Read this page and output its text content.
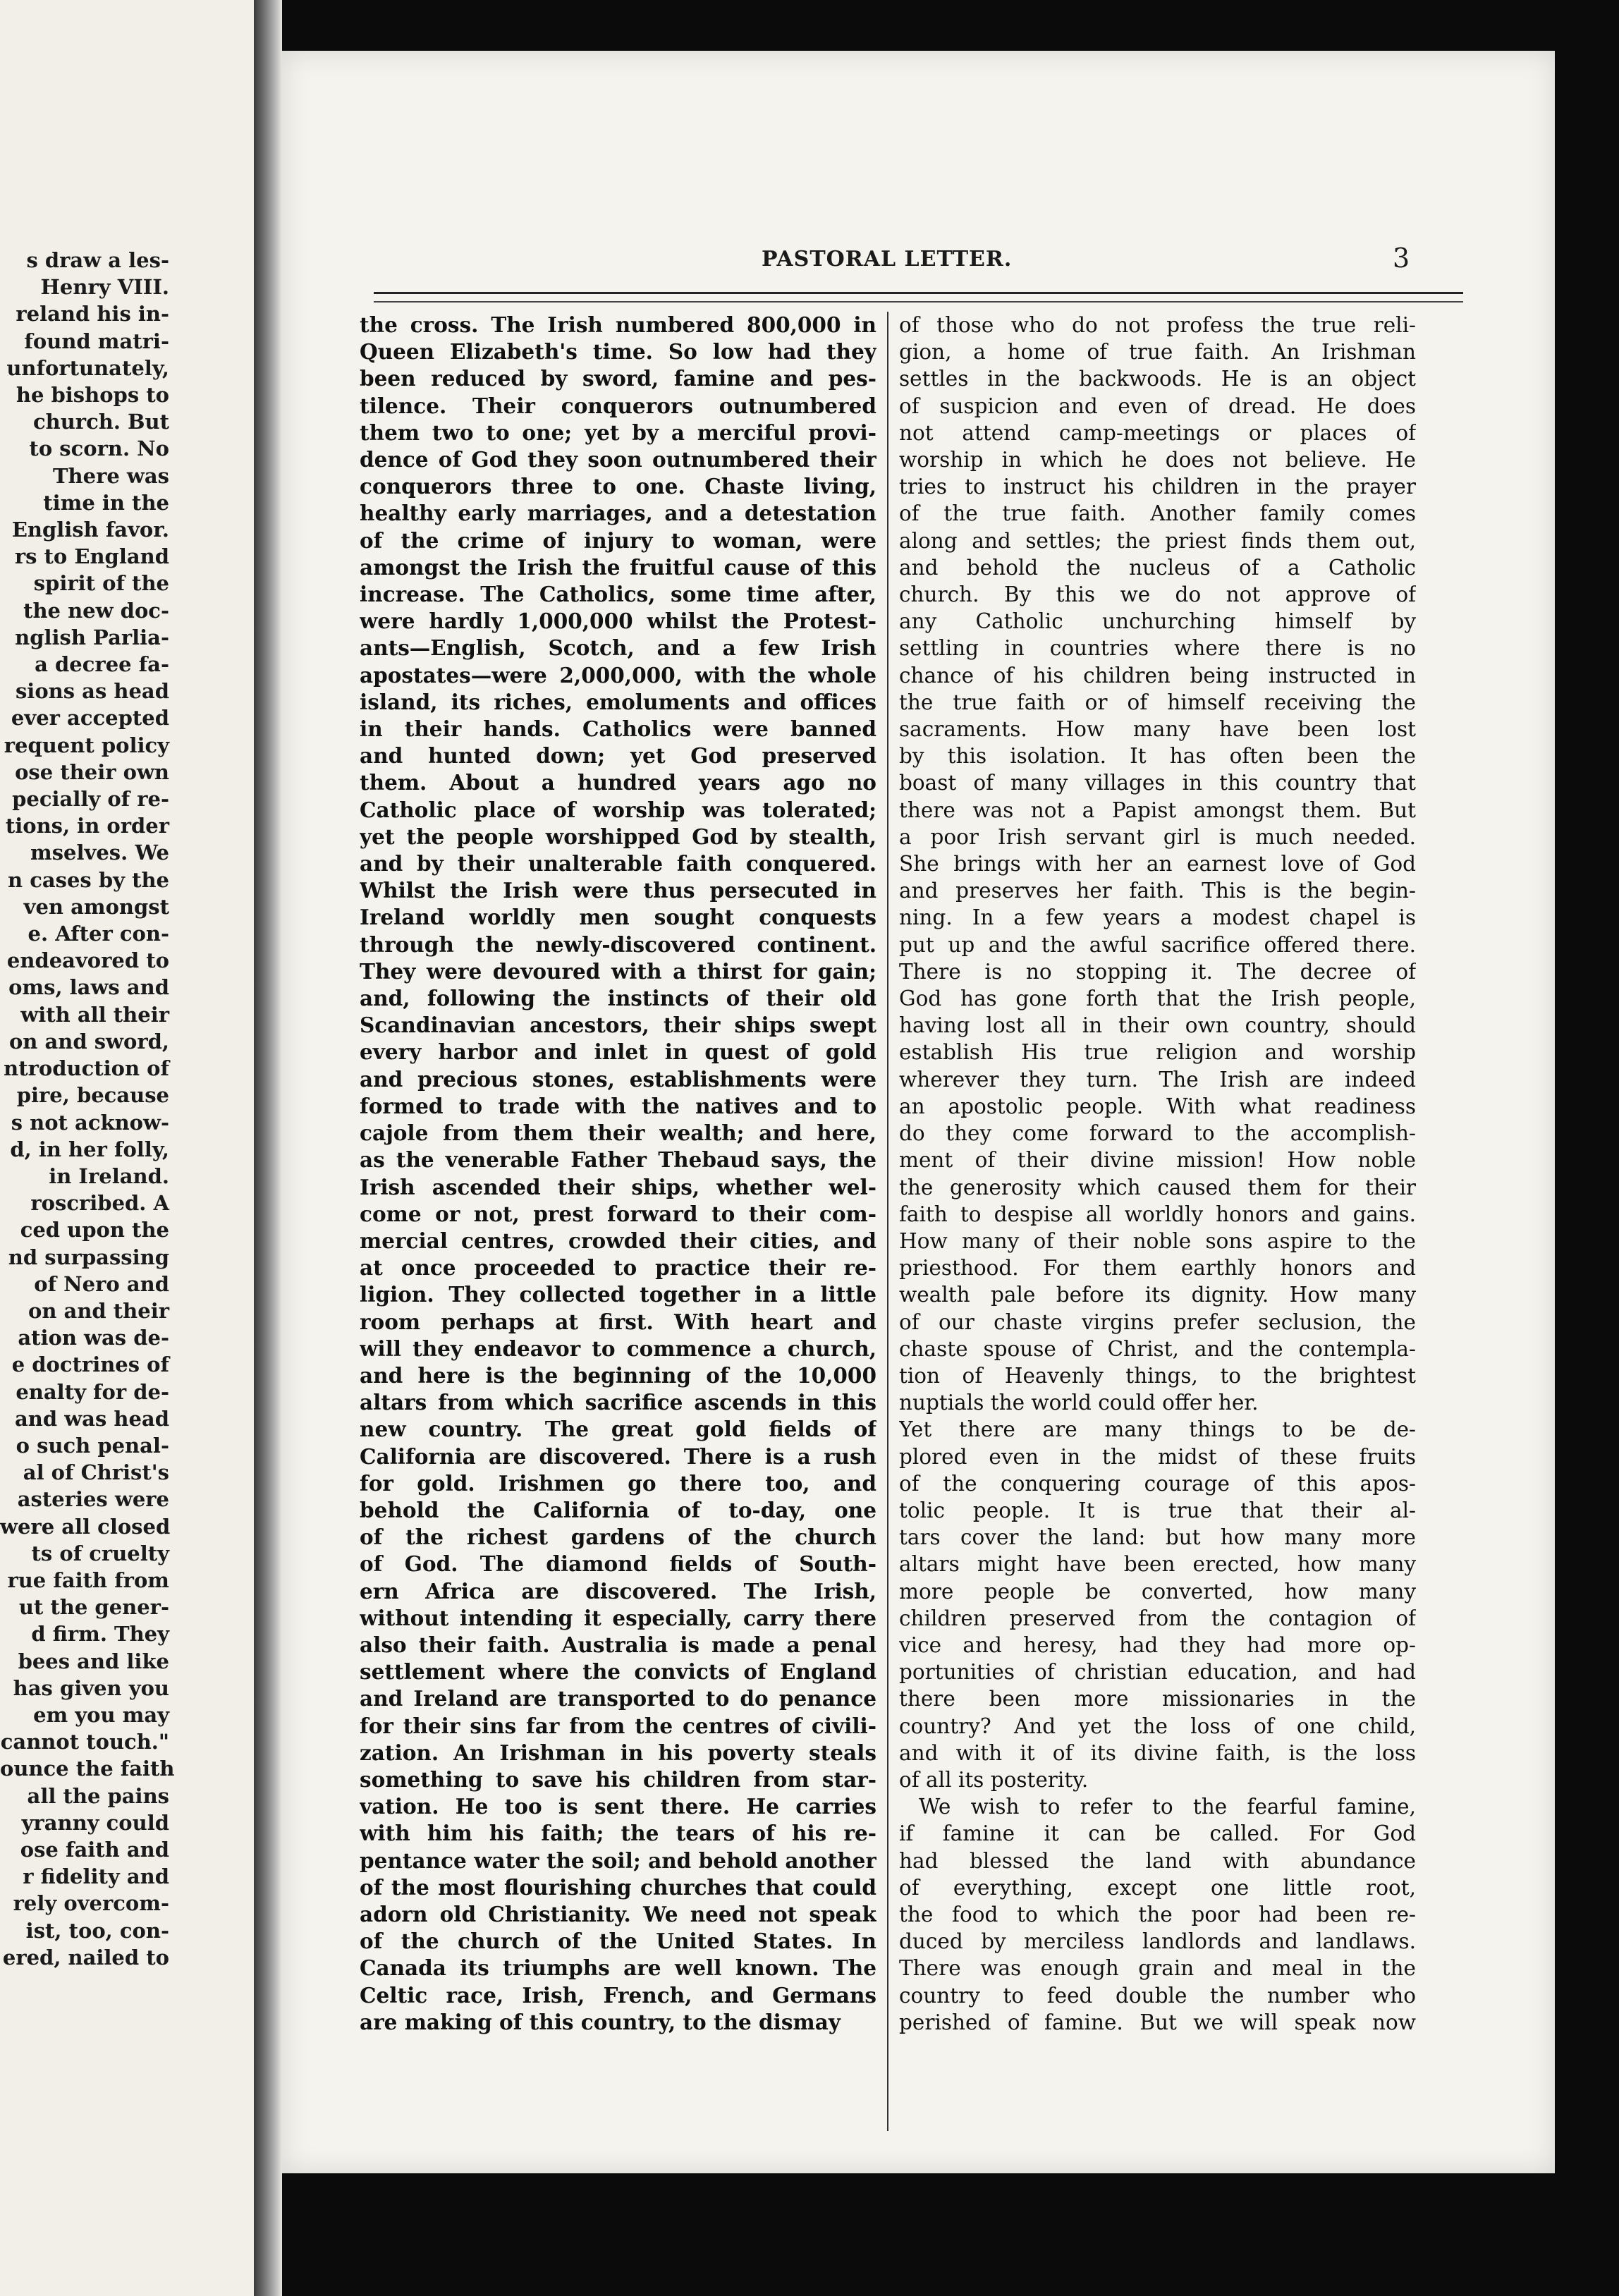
s draw a les-
Henry VIII.
reland his in-
found matri-
unfortunately,
he bishops to
church. But
to scorn. No
There was
time in the
English favor.
rs to England
spirit of the
the new doc-
nglish Parlia-
a decree fa-
sions as head
ever accepted
requent policy
ose their own
pecially of re-
tions, in order
mselves. We
n cases by the
ven amongst
e. After con-
endeavored to
oms, laws and
with all their
on and sword,
ntroduction of
pire, because
s not acknow-
d, in her folly,
in Ireland.
roscribed. A
ced upon the
nd surpassing
of Nero and
on and their
ation was de-
e doctrines of
enalty for de-
and was head
o such penal-
al of Christ's
asteries were
were all closed
ts of cruelty
rue faith from
ut the gener-
d firm. They
bees and like
has given you
em you may
cannot touch."
ounce the faith
all the pains
yranny could
ose faith and
r fidelity and
rely overcom-
ist, too, con-
ered, nailed to
PASTORAL LETTER.	3
the cross. The Irish numbered 800,000 in
Queen Elizabeth's time. So low had they
been reduced by sword, famine and pes-
tilence. Their conquerors outnumbered
them two to one; yet by a merciful provi-
dence of God they soon outnumbered their
conquerors three to one. Chaste living,
healthy early marriages, and a detestation
of the crime of injury to woman, were
amongst the Irish the fruitful cause of this
increase. The Catholics, some time after,
were hardly 1,000,000 whilst the Protest-
ants—English, Scotch, and a few Irish
apostates—were 2,000,000, with the whole
island, its riches, emoluments and offices
in their hands. Catholics were banned
and hunted down; yet God preserved
them. About a hundred years ago no
Catholic place of worship was tolerated;
yet the people worshipped God by stealth,
and by their unalterable faith conquered.
Whilst the Irish were thus persecuted in
Ireland worldly men sought conquests
through the newly-discovered continent.
They were devoured with a thirst for gain;
and, following the instincts of their old
Scandinavian ancestors, their ships swept
every harbor and inlet in quest of gold
and precious stones, establishments were
formed to trade with the natives and to
cajole from them their wealth; and here,
as the venerable Father Thebaud says, the
Irish ascended their ships, whether wel-
come or not, prest forward to their com-
mercial centres, crowded their cities, and
at once proceeded to practice their re-
ligion. They collected together in a little
room perhaps at first. With heart and
will they endeavor to commence a church,
and here is the beginning of the 10,000
altars from which sacrifice ascends in this
new country. The great gold fields of
California are discovered. There is a rush
for gold. Irishmen go there too, and
behold the California of to-day, one
of the richest gardens of the church
of God. The diamond fields of South-
ern Africa are discovered. The Irish,
without intending it especially, carry there
also their faith. Australia is made a penal
settlement where the convicts of England
and Ireland are transported to do penance
for their sins far from the centres of civili-
zation. An Irishman in his poverty steals
something to save his children from star-
vation. He too is sent there. He carries
with him his faith; the tears of his re-
pentance water the soil; and behold another
of the most flourishing churches that could
adorn old Christianity. We need not speak
of the church of the United States. In
Canada its triumphs are well known. The
Celtic race, Irish, French, and Germans
are making of this country, to the dismay
of those who do not profess the true reli-
gion, a home of true faith. An Irishman
settles in the backwoods. He is an object
of suspicion and even of dread. He does
not attend camp-meetings or places of
worship in which he does not believe. He
tries to instruct his children in the prayer
of the true faith. Another family comes
along and settles; the priest finds them out,
and behold the nucleus of a Catholic
church. By this we do not approve of
any Catholic unchurching himself by
settling in countries where there is no
chance of his children being instructed in
the true faith or of himself receiving the
sacraments. How many have been lost
by this isolation. It has often been the
boast of many villages in this country that
there was not a Papist amongst them. But
a poor Irish servant girl is much needed.
She brings with her an earnest love of God
and preserves her faith. This is the begin-
ning. In a few years a modest chapel is
put up and the awful sacrifice offered there.
There is no stopping it. The decree of
God has gone forth that the Irish people,
having lost all in their own country, should
establish His true religion and worship
wherever they turn. The Irish are indeed
an apostolic people. With what readiness
do they come forward to the accomplish-
ment of their divine mission! How noble
the generosity which caused them for their
faith to despise all worldly honors and gains.
How many of their noble sons aspire to the
priesthood. For them earthly honors and
wealth pale before its dignity. How many
of our chaste virgins prefer seclusion, the
chaste spouse of Christ, and the contempla-
tion of Heavenly things, to the brightest
nuptials the world could offer her.
Yet there are many things to be de-
plored even in the midst of these fruits
of the conquering courage of this apos-
tolic people. It is true that their al-
tars cover the land: but how many more
altars might have been erected, how many
more people be converted, how many
children preserved from the contagion of
vice and heresy, had they had more op-
portunities of christian education, and had
there been more missionaries in the
country? And yet the loss of one child,
and with it of its divine faith, is the loss
of all its posterity.
We wish to refer to the fearful famine,
if famine it can be called. For God
had blessed the land with abundance
of everything, except one little root,
the food to which the poor had been re-
duced by merciless landlords and landlaws.
There was enough grain and meal in the
country to feed double the number who
perished of famine. But we will speak now
